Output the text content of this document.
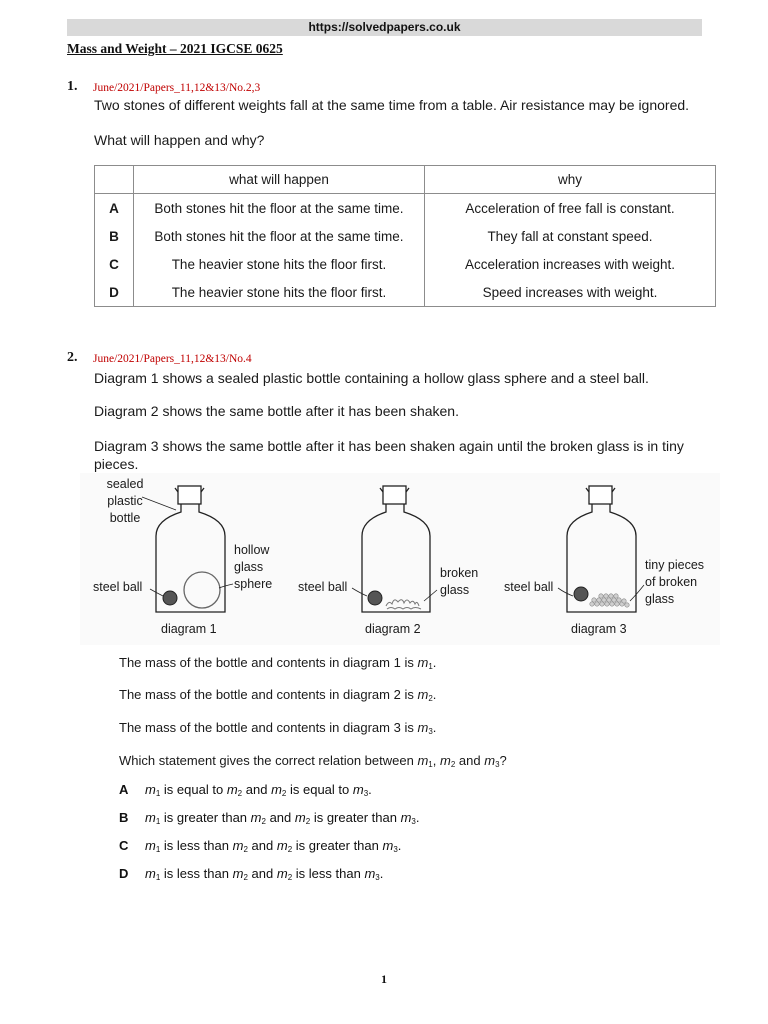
https://solvedpapers.co.uk
Mass and Weight – 2021 IGCSE 0625
1. June/2021/Papers_11,12&13/No.2,3
Two stones of different weights fall at the same time from a table. Air resistance may be ignored.
What will happen and why?
	what will happen	why
A	Both stones hit the floor at the same time.	Acceleration of free fall is constant.
B	Both stones hit the floor at the same time.	They fall at constant speed.
C	The heavier stone hits the floor first.	Acceleration increases with weight.
D	The heavier stone hits the floor first.	Speed increases with weight.
2. June/2021/Papers_11,12&13/No.4
Diagram 1 shows a sealed plastic bottle containing a hollow glass sphere and a steel ball.
Diagram 2 shows the same bottle after it has been shaken.
Diagram 3 shows the same bottle after it has been shaken again until the broken glass is in tiny
pieces.
sealed
plastic
bottle
hollow
glass
sphere
steel ball	steel ball
broken
glass	steel ball
tiny pieces
of broken
glass
diagram 1	diagram 2	diagram 3
The mass of the bottle and contents in diagram 1 is $m_1$.
The mass of the bottle and contents in diagram 2 is $m_2$.
The mass of the bottle and contents in diagram 3 is $m_3$.
Which statement gives the correct relation between $m_1$, $m_2$ and $m_3$?
A $m_1$ is equal to $m_2$ and $m_2$ is equal to $m_3$.
B $m_1$ is greater than $m_2$ and $m_2$ is greater than $m_3$.
C $m_1$ is less than $m_2$ and $m_2$ is greater than $m_3$.
D $m_1$ is less than $m_2$ and $m_2$ is less than $m_3$.
1
